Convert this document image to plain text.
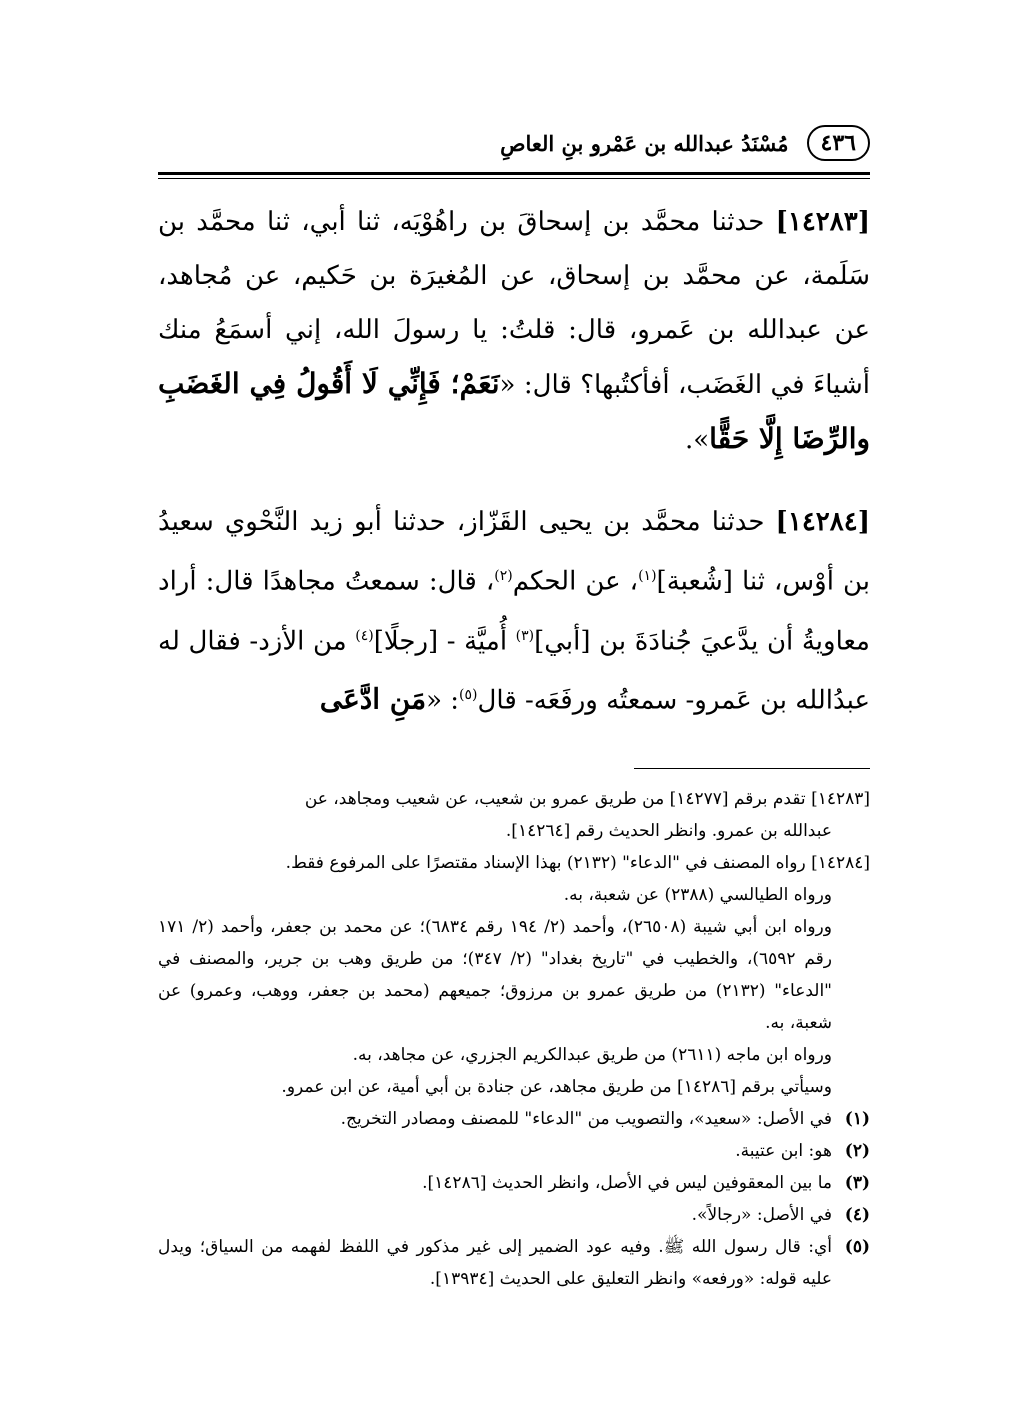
٤٣٦
مُسْنَدُ عبدالله بن عَمْرو بنِ العاصِ

[١٤٢٨٣] حدثنا محمَّد بن إسحاقَ بن راهُوْيَه، ثنا أبي، ثنا محمَّد بن سَلَمة، عن محمَّد بن إسحاق، عن المُغيرَة بن حَكيم، عن مُجاهد، عن عبدالله بن عَمرو، قال: قلتُ: يا رسولَ الله، إني أسمَعُ منك أشياءَ في الغَضَب، أفأكتُبها؟ قال: «نَعَمْ؛ فَإِنِّي لَا أَقُولُ فِي الغَضَبِ والرِّضَا إِلَّا حَقًّا».

[١٤٢٨٤] حدثنا محمَّد بن يحيى القَزّاز، حدثنا أبو زيد النَّحْوي سعيدُ بن أوْس، ثنا [شُعبة]$^{(١)}$، عن الحكم$^{(٢)}$، قال: سمعتُ مجاهدًا قال: أراد معاويةُ أن يدَّعيَ جُنادَةَ بن [أبي]$^{(٣)}$ أُميَّة - [رجلًا]$^{(٤)}$ من الأزد- فقال له عبدُالله بن عَمرو- سمعتُه ورفَعَه- قال$^{(٥)}$: «مَنِ ادَّعَى

[١٤٢٨٣] تقدم برقم [١٤٢٧٧] من طريق عمرو بن شعيب، عن شعيب ومجاهد، عن
عبدالله بن عمرو. وانظر الحديث رقم [١٤٢٦٤].
[١٤٢٨٤] رواه المصنف في "الدعاء" (٢١٣٢) بهذا الإسناد مقتصرًا على المرفوع فقط.
ورواه الطيالسي (٢٣٨٨) عن شعبة، به.
ورواه ابن أبي شيبة (٢٦٥٠٨)، وأحمد (٢/ ١٩٤ رقم ٦٨٣٤)؛ عن محمد بن جعفر، وأحمد (٢/ ١٧١ رقم ٦٥٩٢)، والخطيب في "تاريخ بغداد" (٢/ ٣٤٧)؛ من طريق وهب بن جرير، والمصنف في "الدعاء" (٢١٣٢) من طريق عمرو بن مرزوق؛ جميعهم (محمد بن جعفر، ووهب، وعمرو) عن شعبة، به.
ورواه ابن ماجه (٢٦١١) من طريق عبدالكريم الجزري، عن مجاهد، به.
وسيأتي برقم [١٤٢٨٦] من طريق مجاهد، عن جنادة بن أبي أمية، عن ابن عمرو.
(١)
في الأصل: «سعيد»، والتصويب من "الدعاء" للمصنف ومصادر التخريج.
(٢)
هو: ابن عتيبة.
(٣)
ما بين المعقوفين ليس في الأصل، وانظر الحديث [١٤٢٨٦].
(٤)
في الأصل: «رجالاً».
(٥)
أي: قال رسول الله ﷺ. وفيه عود الضمير إلى غير مذكور في اللفظ لفهمه من السياق؛ ويدل عليه قوله: «ورفعه» وانظر التعليق على الحديث [١٣٩٣٤].
